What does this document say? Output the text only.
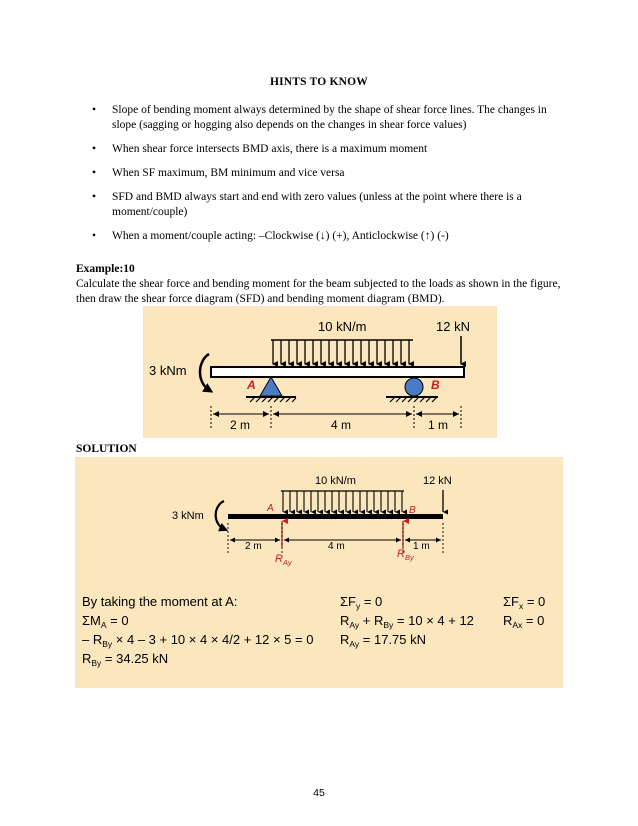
HINTS TO KNOW
• Slope of bending moment always determined by the shape of shear force lines. The changes in slope (sagging or hogging also depends on the changes in shear force values)
• When shear force intersects BMD axis, there is a maximum moment
• When SF maximum, BM minimum and vice versa
• SFD and BMD always start and end with zero values (unless at the point where there is a moment/couple)
• When a moment/couple acting: –Clockwise (↓) (+), Anticlockwise (↑) (-)
Example:10
Calculate the shear force and bending moment for the beam subjected to the loads as shown in the figure, then draw the shear force diagram (SFD) and bending moment diagram (BMD).
10 kN/m	12 kN
3 kNm
A	B
2 m	4 m	1 m
SOLUTION
10 kN/m	12 kN
3 kNm
A	B
2 m	4 m	1 m
$R_{Ay}$
$R_{By}$
By taking the moment at A:
$\Sigma M_A = 0$
– $R_{By} \times 4 - 3 + 10 \times 4 \times 4/2 + 12 \times 5 = 0$
$R_{By} = 34.25$ kN
$\Sigma F_y = 0$
$R_{Ay} + R_{By} = 10 \times 4 + 12$
$R_{Ay} = 17.75$ kN
$\Sigma F_x = 0$
$R_{Ax} = 0$
45
